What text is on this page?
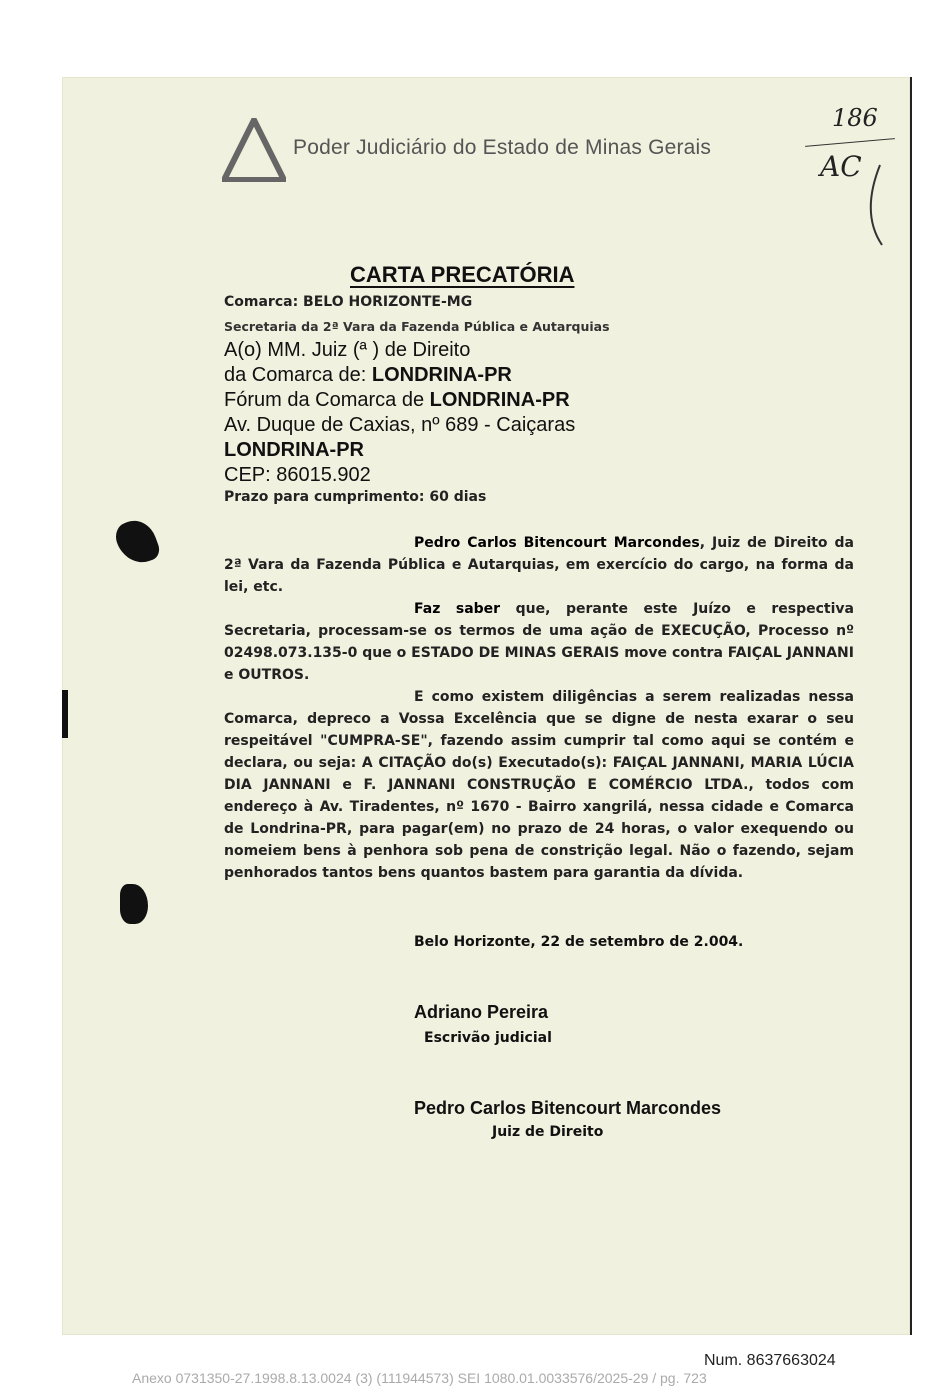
Poder Judiciário do Estado de Minas Gerais
186
AC
CARTA PRECATÓRIA
Comarca: BELO HORIZONTE-MG
Secretaria da 2ª Vara da Fazenda Pública e Autarquias
A(o) MM. Juiz (ª ) de Direito
da Comarca de: LONDRINA-PR
Fórum da Comarca de LONDRINA-PR
Av. Duque de Caxias, nº 689 - Caiçaras
LONDRINA-PR
CEP: 86015.902
Prazo para cumprimento: 60 dias

Pedro Carlos Bitencourt Marcondes, Juiz de Direito da 2ª Vara da Fazenda Pública e Autarquias, em exercício do cargo, na forma da lei, etc.

Faz saber que, perante este Juízo e respectiva Secretaria, processam-se os termos de uma ação de EXECUÇÃO, Processo nº 02498.073.135-0 que o ESTADO DE MINAS GERAIS move contra FAIÇAL JANNANI e OUTROS.

E como existem diligências a serem realizadas nessa Comarca, depreco a Vossa Excelência que se digne de nesta exarar o seu respeitável "CUMPRA-SE", fazendo assim cumprir tal como aqui se contém e declara, ou seja: A CITAÇÃO do(s) Executado(s): FAIÇAL JANNANI, MARIA LÚCIA DIA JANNANI e F. JANNANI CONSTRUÇÃO E COMÉRCIO LTDA., todos com endereço à Av. Tiradentes, nº 1670 - Bairro xangrilá, nessa cidade e Comarca de Londrina-PR, para pagar(em) no prazo de 24 horas, o valor exequendo ou nomeiem bens à penhora sob pena de constrição legal. Não o fazendo, sejam penhorados tantos bens quantos bastem para garantia da dívida.

Belo Horizonte, 22 de setembro de 2.004.
Adriano Pereira
Escrivão judicial
Pedro Carlos Bitencourt Marcondes
Juiz de Direito
Num. 8637663024
Anexo 0731350-27.1998.8.13.0024 (3) (111944573) SEI 1080.01.0033576/2025-29 / pg. 723
